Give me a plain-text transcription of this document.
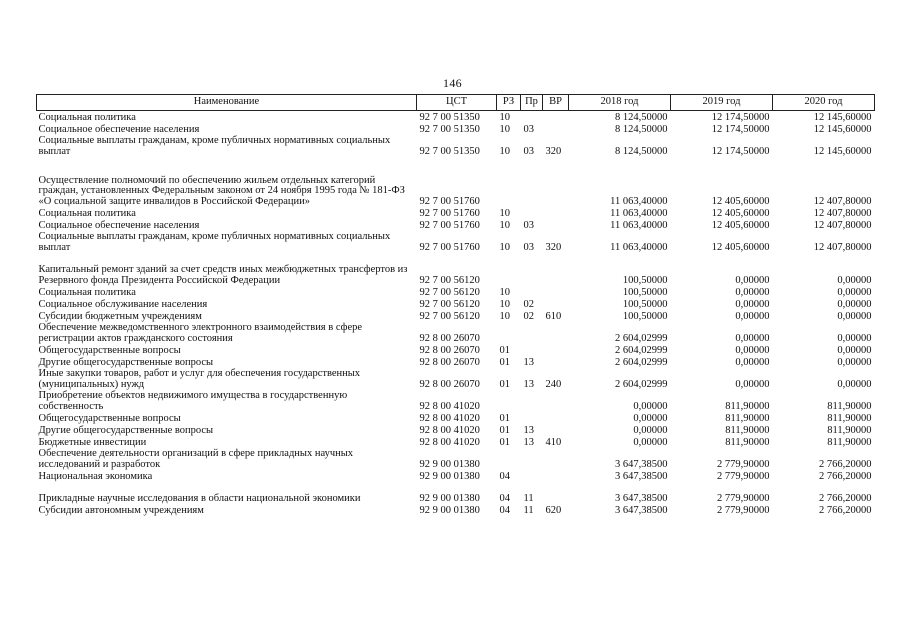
146
Наименование	ЦСТ	РЗ	Пр	ВР	2018 год	2019 год	2020 год
Социальная политика	92 7 00 51350	10			8 124,50000	12 174,50000	12 145,60000
Социальное обеспечение населения	92 7 00 51350	10	03		8 124,50000	12 174,50000	12 145,60000
Социальные выплаты гражданам, кроме публичных нормативных социальных выплат	92 7 00 51350	10	03	320	8 124,50000	12 174,50000	12 145,60000
Осуществление полномочий по обеспечению жильем отдельных категорий граждан, установленных Федеральным законом от 24 ноября 1995 года № 181-ФЗ «О социальной защите инвалидов в Российской Федерации»	92 7 00 51760				11 063,40000	12 405,60000	12 407,80000
Социальная политика	92 7 00 51760	10			11 063,40000	12 405,60000	12 407,80000
Социальное обеспечение населения	92 7 00 51760	10	03		11 063,40000	12 405,60000	12 407,80000
Социальные выплаты гражданам, кроме публичных нормативных социальных выплат	92 7 00 51760	10	03	320	11 063,40000	12 405,60000	12 407,80000
Капитальный ремонт зданий за счет средств иных межбюджетных трансфертов из Резервного фонда Президента Российской Федерации	92 7 00 56120				100,50000	0,00000	0,00000
Социальная политика	92 7 00 56120	10			100,50000	0,00000	0,00000
Социальное обслуживание населения	92 7 00 56120	10	02		100,50000	0,00000	0,00000
Субсидии бюджетным учреждениям	92 7 00 56120	10	02	610	100,50000	0,00000	0,00000
Обеспечение межведомственного электронного взаимодействия в сфере регистрации актов гражданского состояния	92 8 00 26070				2 604,02999	0,00000	0,00000
Общегосударственные вопросы	92 8 00 26070	01			2 604,02999	0,00000	0,00000
Другие общегосударственные вопросы	92 8 00 26070	01	13		2 604,02999	0,00000	0,00000
Иные закупки товаров, работ и услуг для обеспечения государственных (муниципальных) нужд	92 8 00 26070	01	13	240	2 604,02999	0,00000	0,00000
Приобретение объектов недвижимого имущества в государственную собственность	92 8 00 41020				0,00000	811,90000	811,90000
Общегосударственные вопросы	92 8 00 41020	01			0,00000	811,90000	811,90000
Другие общегосударственные вопросы	92 8 00 41020	01	13		0,00000	811,90000	811,90000
Бюджетные инвестиции	92 8 00 41020	01	13	410	0,00000	811,90000	811,90000
Обеспечение деятельности организаций в сфере прикладных научных исследований и разработок	92 9 00 01380				3 647,38500	2 779,90000	2 766,20000
Национальная экономика	92 9 00 01380	04			3 647,38500	2 779,90000	2 766,20000
Прикладные научные исследования в области национальной экономики	92 9 00 01380	04	11		3 647,38500	2 779,90000	2 766,20000
Субсидии автономным учреждениям	92 9 00 01380	04	11	620	3 647,38500	2 779,90000	2 766,20000
